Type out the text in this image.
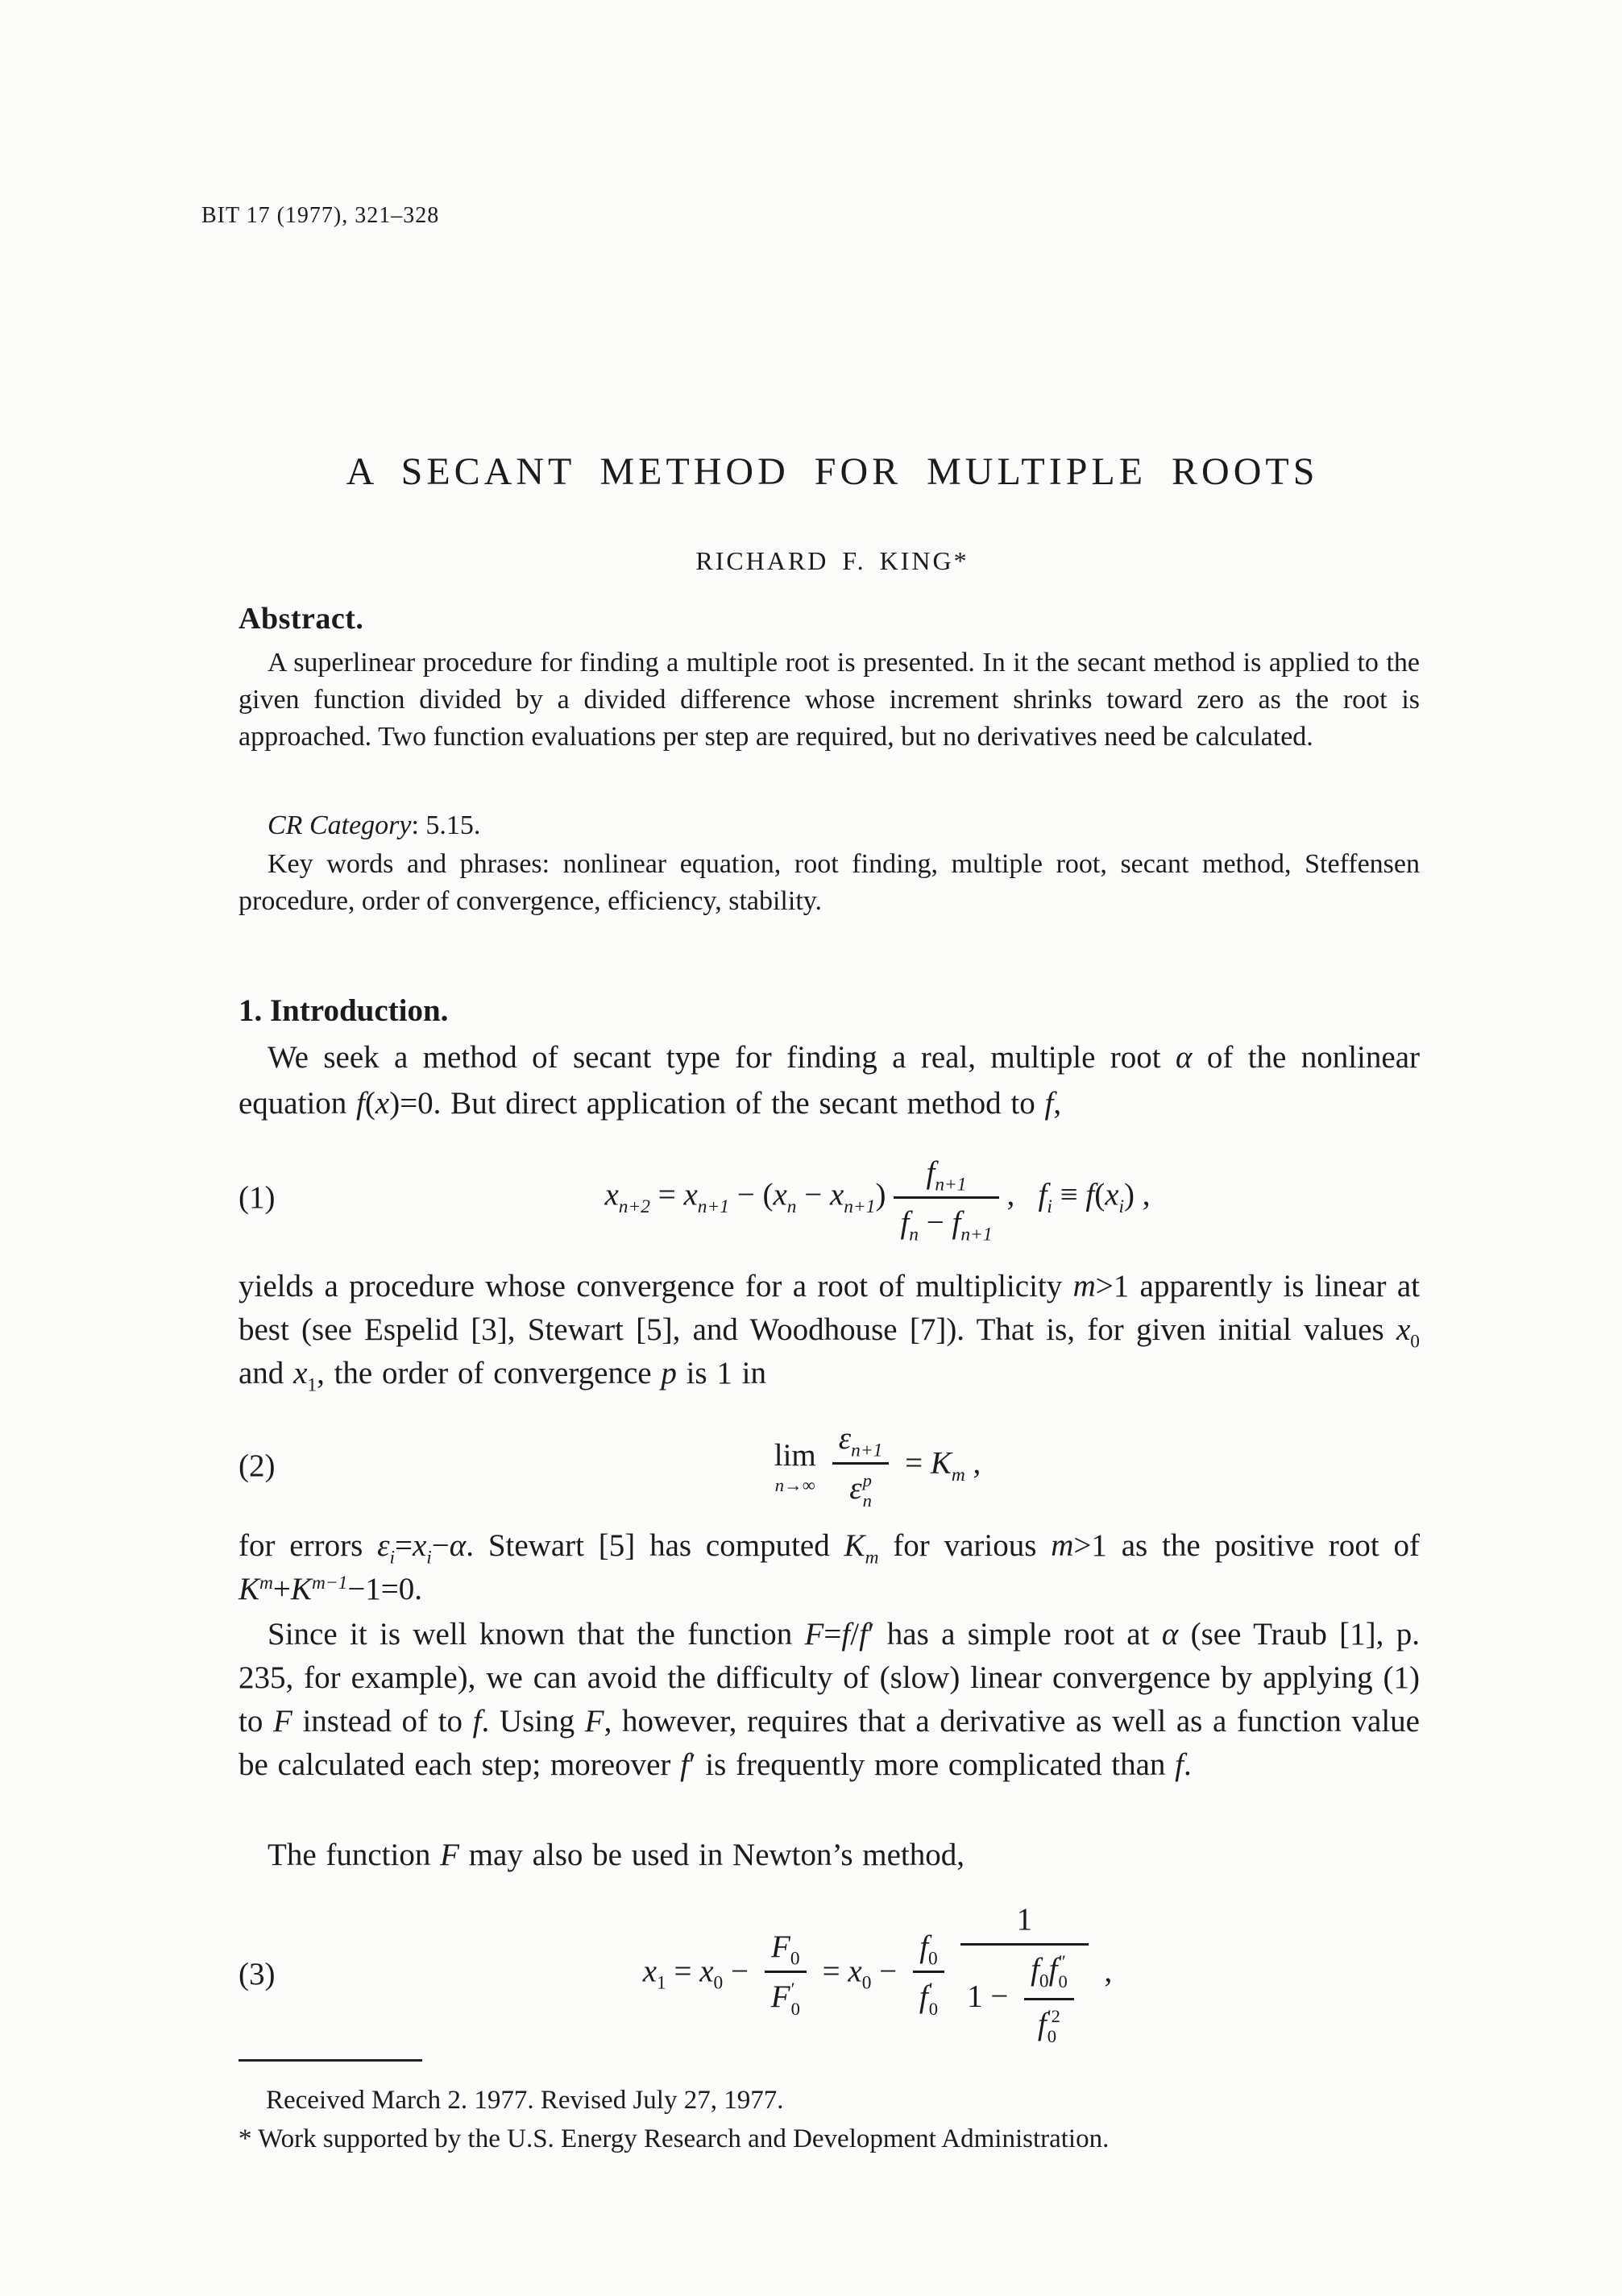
BIT 17 (1977), 321–328
A SECANT METHOD FOR MULTIPLE ROOTS
RICHARD F. KING*
Abstract.

A superlinear procedure for finding a multiple root is presented. In it the secant method is applied to the given function divided by a divided difference whose increment shrinks toward zero as the root is approached. Two function evaluations per step are required, but no derivatives need be calculated.

CR Category: 5.15.

Key words and phrases: nonlinear equation, root finding, multiple root, secant method, Steffensen procedure, order of convergence, efficiency, stability.

1. Introduction.

We seek a method of secant type for finding a real, multiple root α of the nonlinear equation f(x)=0. But direct application of the secant method to f,

(1)	$x_{n+2} = x_{n+1} - (x_n - x_{n+1}) \frac{f_{n+1}}{f_n - f_{n+1}}$ ,   $f_i \equiv f(x_i)$ ,

yields a procedure whose convergence for a root of multiplicity m>1 apparently is linear at best (see Espelid [3], Stewart [5], and Woodhouse [7]). That is, for given initial values $x_0$ and $x_1$, the order of convergence p is 1 in

(2)	lim
n→∞ $\varepsilon_{n+1}$
ε p
$n = K_m$ ,

for errors $\varepsilon_i=x_i-\alpha$. Stewart [5] has computed $K_m$ for various m>1 as the positive root of $K^m+K^{m-1}-1=0$.

Since it is well known that the function F=f/f′ has a simple root at α (see Traub [1], p. 235, for example), we can avoid the difficulty of (slow) linear convergence by applying (1) to F instead of to f. Using F, however, requires that a derivative as well as a function value be calculated each step; moreover f′ is frequently more complicated than f.

The function F may also be used in Newton’s method,

(3)	$x_1 = x_0 - F_0$
F ′
$0 = x_0 - f_0$
f ′
0 1
$1 - f_0f$ ″
0
f ′2
0 ,

Received March 2. 1977. Revised July 27, 1977.

* Work supported by the U.S. Energy Research and Development Administration.
